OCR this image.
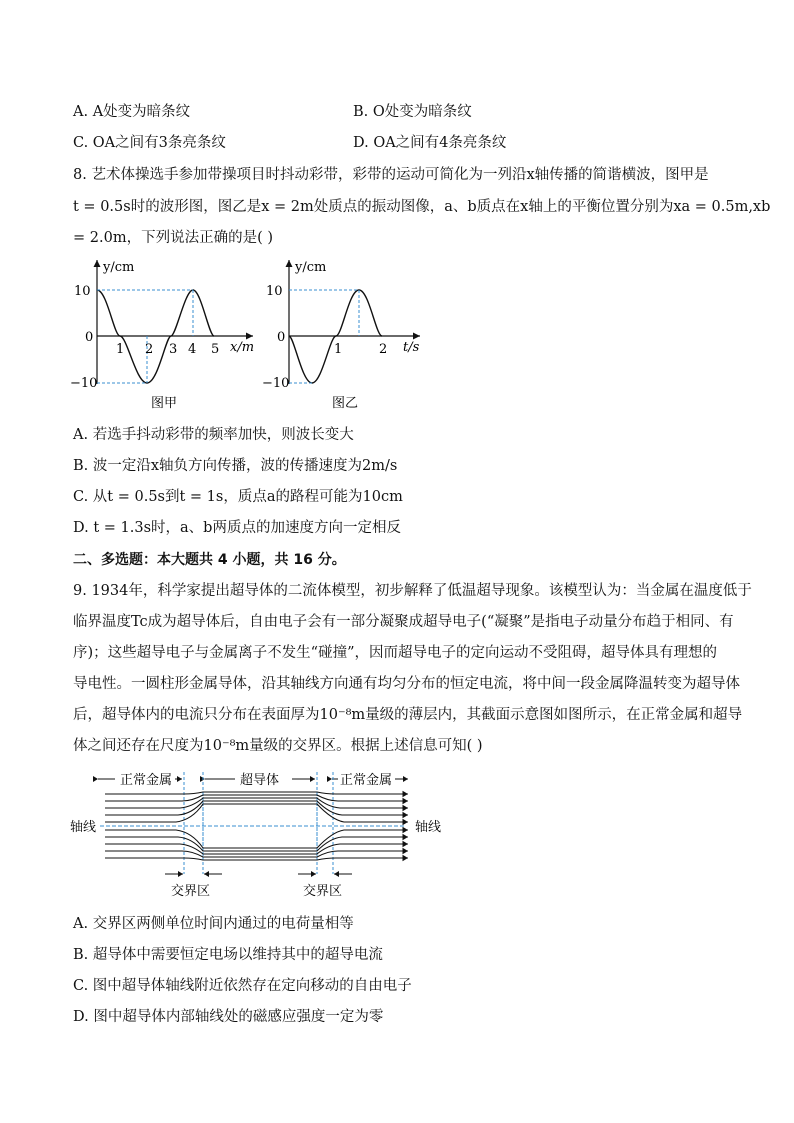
A. A处变为暗条纹	B. O处变为暗条纹
C. OA之间有3条亮条纹	D. OA之间有4条亮条纹
8. 艺术体操选手参加带操项目时抖动彩带，彩带的运动可简化为一列沿x轴传播的简谐横波，图甲是
t = 0.5s时的波形图，图乙是x = 2m处质点的振动图像，a、b质点在x轴上的平衡位置分别为xa = 0.5m,xb
= 2.0m，下列说法正确的是( )
y/cm
10
0
−10
1 2 3 4 5 x/m
图甲
y/cm
10
0
−10
1	2 t/s
图乙
A. 若选手抖动彩带的频率加快，则波长变大
B. 波一定沿x轴负方向传播，波的传播速度为2m/s
C. 从t = 0.5s到t = 1s，质点a的路程可能为10cm
D. t = 1.3s时，a、b两质点的加速度方向一定相反
二、多选题：本大题共 4 小题，共 16 分。
9. 1934年，科学家提出超导体的二流体模型，初步解释了低温超导现象。该模型认为：当金属在温度低于
临界温度Tc成为超导体后，自由电子会有一部分凝聚成超导电子(“凝聚”是指电子动量分布趋于相同、有
序)；这些超导电子与金属离子不发生“碰撞”，因而超导电子的定向运动不受阻碍，超导体具有理想的
导电性。一圆柱形金属导体，沿其轴线方向通有均匀分布的恒定电流，将中间一段金属降温转变为超导体
后，超导体内的电流只分布在表面厚为10⁻⁸m量级的薄层内，其截面示意图如图所示，在正常金属和超导
体之间还存在尺度为10⁻⁸m量级的交界区。根据上述信息可知( )
正常金属	超导体	正常金属
轴线	轴线
交界区	交界区
A. 交界区两侧单位时间内通过的电荷量相等
B. 超导体中需要恒定电场以维持其中的超导电流
C. 图中超导体轴线附近依然存在定向移动的自由电子
D. 图中超导体内部轴线处的磁感应强度一定为零
